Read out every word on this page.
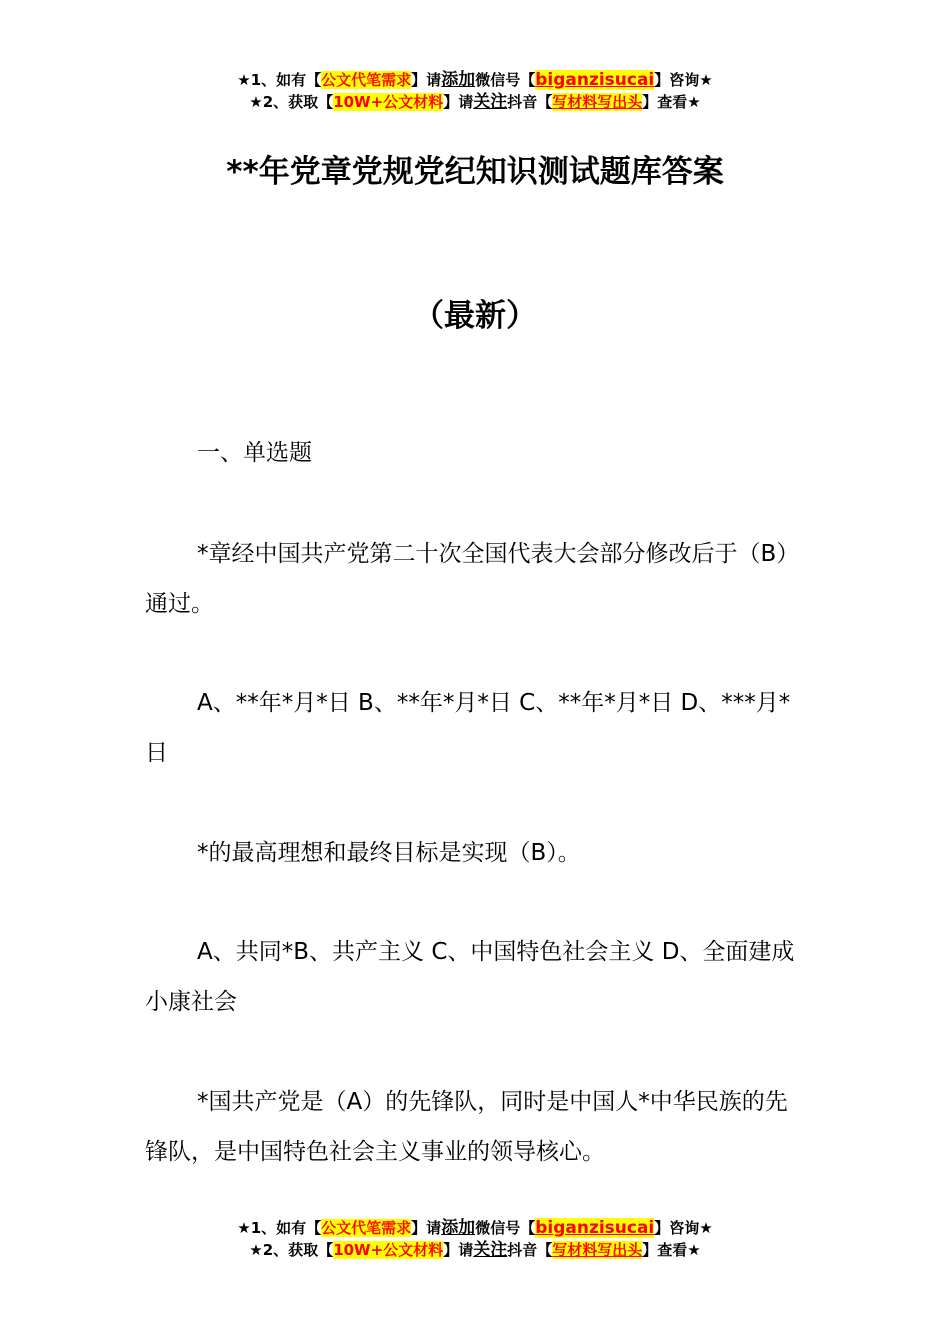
★1、如有【公文代笔需求】请添加微信号【biganzisucai】咨询★
★2、获取【10W+公文材料】请关注抖音【写材料写出头】查看★
**年党章党规党纪知识测试题库答案
（最新）

一、单选题

*章经中国共产党第二十次全国代表大会部分修改后于（B）通过。

A、**年*月*日 B、**年*月*日 C、**年*月*日 D、***月*日

*的最高理想和最终目标是实现（B）。

A、共同*B、共产主义 C、中国特色社会主义 D、全面建成小康社会

*国共产党是（A）的先锋队，同时是中国人*中华民族的先锋队，是中国特色社会主义事业的领导核心。

★1、如有【公文代笔需求】请添加微信号【biganzisucai】咨询★
★2、获取【10W+公文材料】请关注抖音【写材料写出头】查看★
